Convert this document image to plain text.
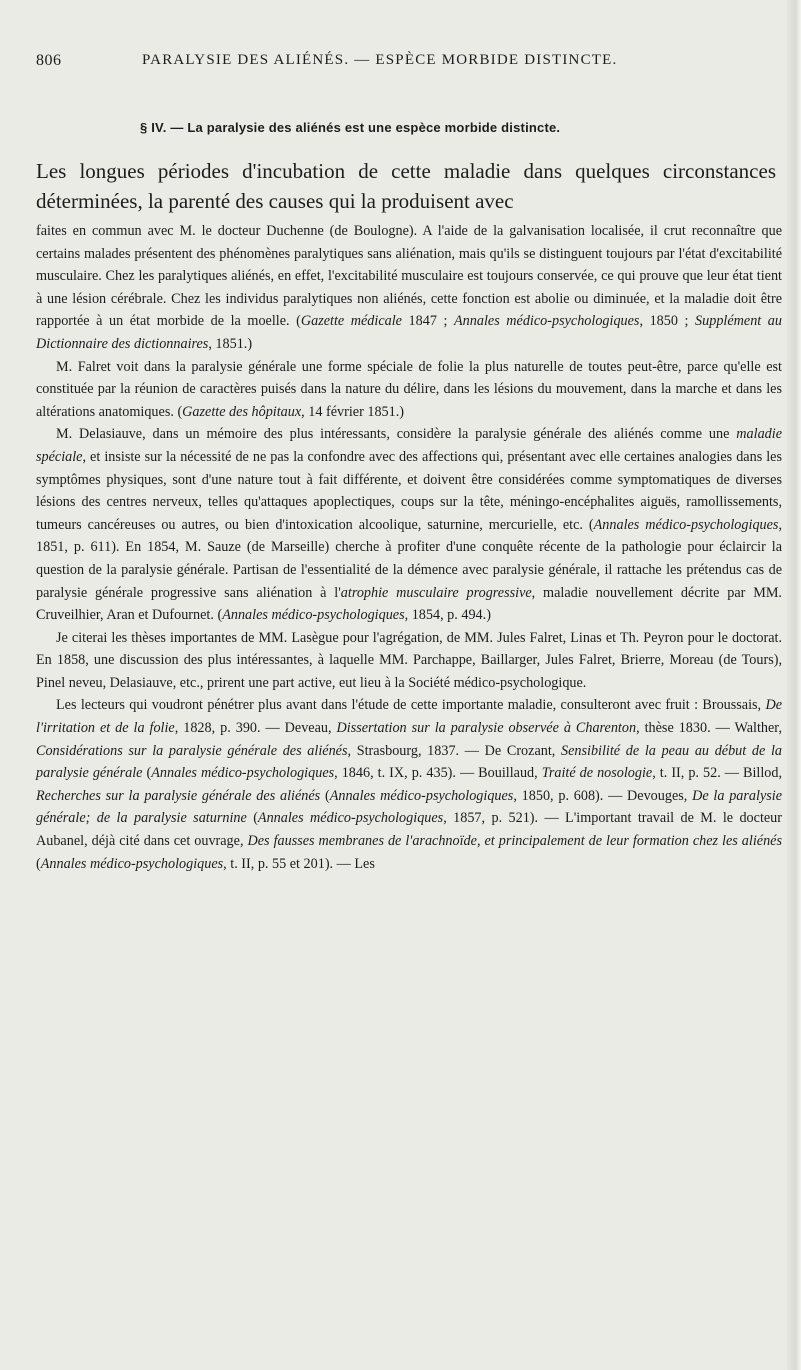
806	PARALYSIE DES ALIÉNÉS. — ESPÈCE MORBIDE DISTINCTE.
§ IV. — La paralysie des aliénés est une espèce morbide distincte.
Les longues périodes d'incubation de cette maladie dans quelques circonstances déterminées, la parenté des causes qui la produisent avec

faites en commun avec M. le docteur Duchenne (de Boulogne). A l'aide de la galvanisation localisée, il crut reconnaître que certains malades présentent des phénomènes paralytiques sans aliénation, mais qu'ils se distinguent toujours par l'état d'excitabilité musculaire. Chez les paralytiques aliénés, en effet, l'excitabilité musculaire est toujours conservée, ce qui prouve que leur état tient à une lésion cérébrale. Chez les individus paralytiques non aliénés, cette fonction est abolie ou diminuée, et la maladie doit être rapportée à un état morbide de la moelle. (Gazette médicale 1847 ; Annales médico-psychologiques, 1850 ; Supplément au Dictionnaire des dictionnaires, 1851.)

M. Falret voit dans la paralysie générale une forme spéciale de folie la plus naturelle de toutes peut-être, parce qu'elle est constituée par la réunion de caractères puisés dans la nature du délire, dans les lésions du mouvement, dans la marche et dans les altérations anatomiques. (Gazette des hôpitaux, 14 février 1851.)

M. Delasiauve, dans un mémoire des plus intéressants, considère la paralysie générale des aliénés comme une maladie spéciale, et insiste sur la nécessité de ne pas la confondre avec des affections qui, présentant avec elle certaines analogies dans les symptômes physiques, sont d'une nature tout à fait différente, et doivent être considérées comme symptomatiques de diverses lésions des centres nerveux, telles qu'attaques apoplectiques, coups sur la tête, méningo-encéphalites aiguës, ramollissements, tumeurs cancéreuses ou autres, ou bien d'intoxication alcoolique, saturnine, mercurielle, etc. (Annales médico-psychologiques, 1851, p. 611). En 1854, M. Sauze (de Marseille) cherche à profiter d'une conquête récente de la pathologie pour éclaircir la question de la paralysie générale. Partisan de l'essentialité de la démence avec paralysie générale, il rattache les prétendus cas de paralysie générale progressive sans aliénation à l'atrophie musculaire progressive, maladie nouvellement décrite par MM. Cruveilhier, Aran et Dufournet. (Annales médico-psychologiques, 1854, p. 494.)

Je citerai les thèses importantes de MM. Lasègue pour l'agrégation, de MM. Jules Falret, Linas et Th. Peyron pour le doctorat. En 1858, une discussion des plus intéressantes, à laquelle MM. Parchappe, Baillarger, Jules Falret, Brierre, Moreau (de Tours), Pinel neveu, Delasiauve, etc., prirent une part active, eut lieu à la Société médico-psychologique.

Les lecteurs qui voudront pénétrer plus avant dans l'étude de cette importante maladie, consulteront avec fruit : Broussais, De l'irritation et de la folie, 1828, p. 390. — Deveau, Dissertation sur la paralysie observée à Charenton, thèse 1830. — Walther, Considérations sur la paralysie générale des aliénés, Strasbourg, 1837. — De Crozant, Sensibilité de la peau au début de la paralysie générale (Annales médico-psychologiques, 1846, t. IX, p. 435). — Bouillaud, Traité de nosologie, t. II, p. 52. — Billod, Recherches sur la paralysie générale des aliénés (Annales médico-psychologiques, 1850, p. 608). — Devouges, De la paralysie générale; de la paralysie saturnine (Annales médico-psychologiques, 1857, p. 521). — L'important travail de M. le docteur Aubanel, déjà cité dans cet ouvrage, Des fausses membranes de l'arachnoïde, et principalement de leur formation chez les aliénés (Annales médico-psychologiques, t. II, p. 55 et 201). — Les
